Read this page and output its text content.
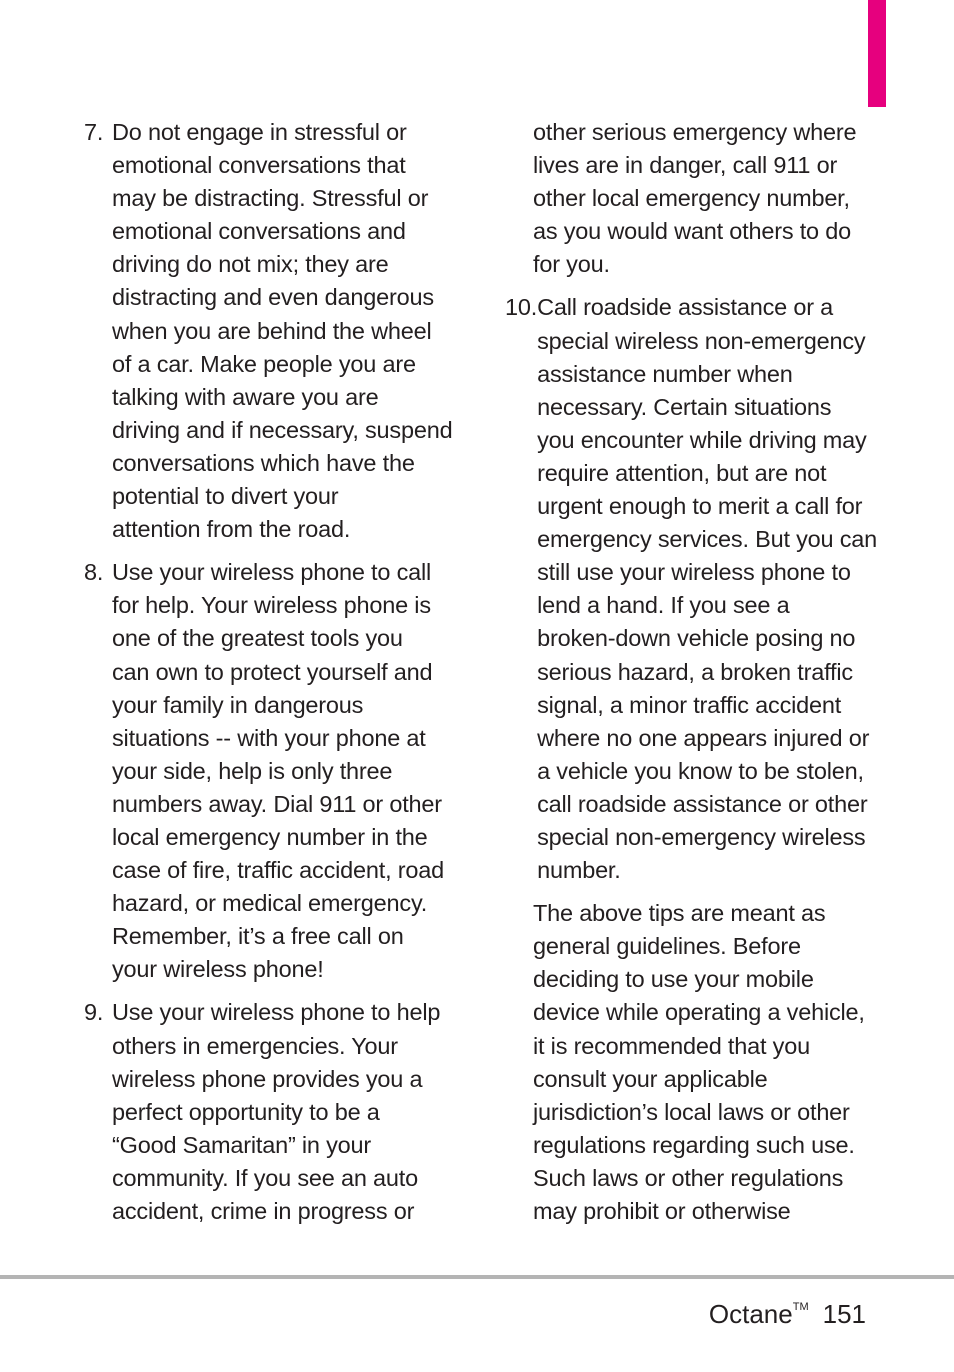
7. Do not engage in stressful or
emotional conversations that
may be distracting. Stressful or
emotional conversations and
driving do not mix; they are
distracting and even dangerous
when you are behind the wheel
of a car. Make people you are
talking with aware you are
driving and if necessary, suspend
conversations which have the
potential to divert your
attention from the road.
8. Use your wireless phone to call
for help. Your wireless phone is
one of the greatest tools you
can own to protect yourself and
your family in dangerous
situations -- with your phone at
your side, help is only three
numbers away. Dial 911 or other
local emergency number in the
case of fire, traffic accident, road
hazard, or medical emergency.
Remember, it’s a free call on
your wireless phone!
9. Use your wireless phone to help
others in emergencies. Your
wireless phone provides you a
perfect opportunity to be a
“Good Samaritan” in your
community. If you see an auto
accident, crime in progress or
other serious emergency where
lives are in danger, call 911 or
other local emergency number,
as you would want others to do
for you.
10. Call roadside assistance or a
special wireless non-emergency
assistance number when
necessary. Certain situations
you encounter while driving may
require attention, but are not
urgent enough to merit a call for
emergency services. But you can
still use your wireless phone to
lend a hand. If you see a
broken-down vehicle posing no
serious hazard, a broken traffic
signal, a minor traffic accident
where no one appears injured or
a vehicle you know to be stolen,
call roadside assistance or other
special non-emergency wireless
number.
The above tips are meant as
general guidelines. Before
deciding to use your mobile
device while operating a vehicle,
it is recommended that you
consult your applicable
jurisdiction’s local laws or other
regulations regarding such use.
Such laws or other regulations
may prohibit or otherwise
Octane™ 151
